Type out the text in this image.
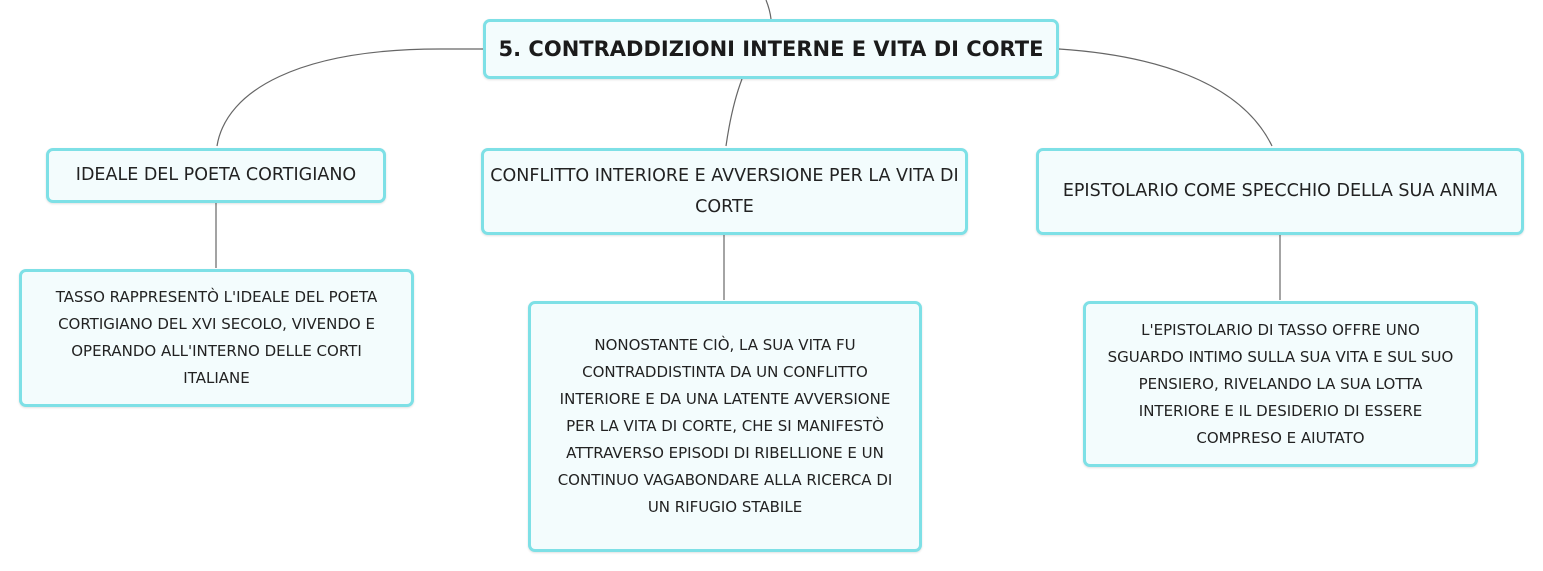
5. CONTRADDIZIONI INTERNE E VITA DI CORTE
IDEALE DEL POETA CORTIGIANO	CONFLITTO INTERIORE E AVVERSIONE PER LA VITA DI CORTE
EPISTOLARIO COME SPECCHIO DELLA SUA ANIMA
TASSO RAPPRESENTÒ L'IDEALE DEL POETA CORTIGIANO DEL XVI SECOLO, VIVENDO E OPERANDO ALL'INTERNO DELLE CORTI ITALIANE
NONOSTANTE CIÒ, LA SUA VITA FU CONTRADDISTINTA DA UN CONFLITTO INTERIORE E DA UNA LATENTE AVVERSIONE PER LA VITA DI CORTE, CHE SI MANIFESTÒ ATTRAVERSO EPISODI DI RIBELLIONE E UN CONTINUO VAGABONDARE ALLA RICERCA DI UN RIFUGIO STABILE
L'EPISTOLARIO DI TASSO OFFRE UNO SGUARDO INTIMO SULLA SUA VITA E SUL SUO PENSIERO, RIVELANDO LA SUA LOTTA INTERIORE E IL DESIDERIO DI ESSERE COMPRESO E AIUTATO
